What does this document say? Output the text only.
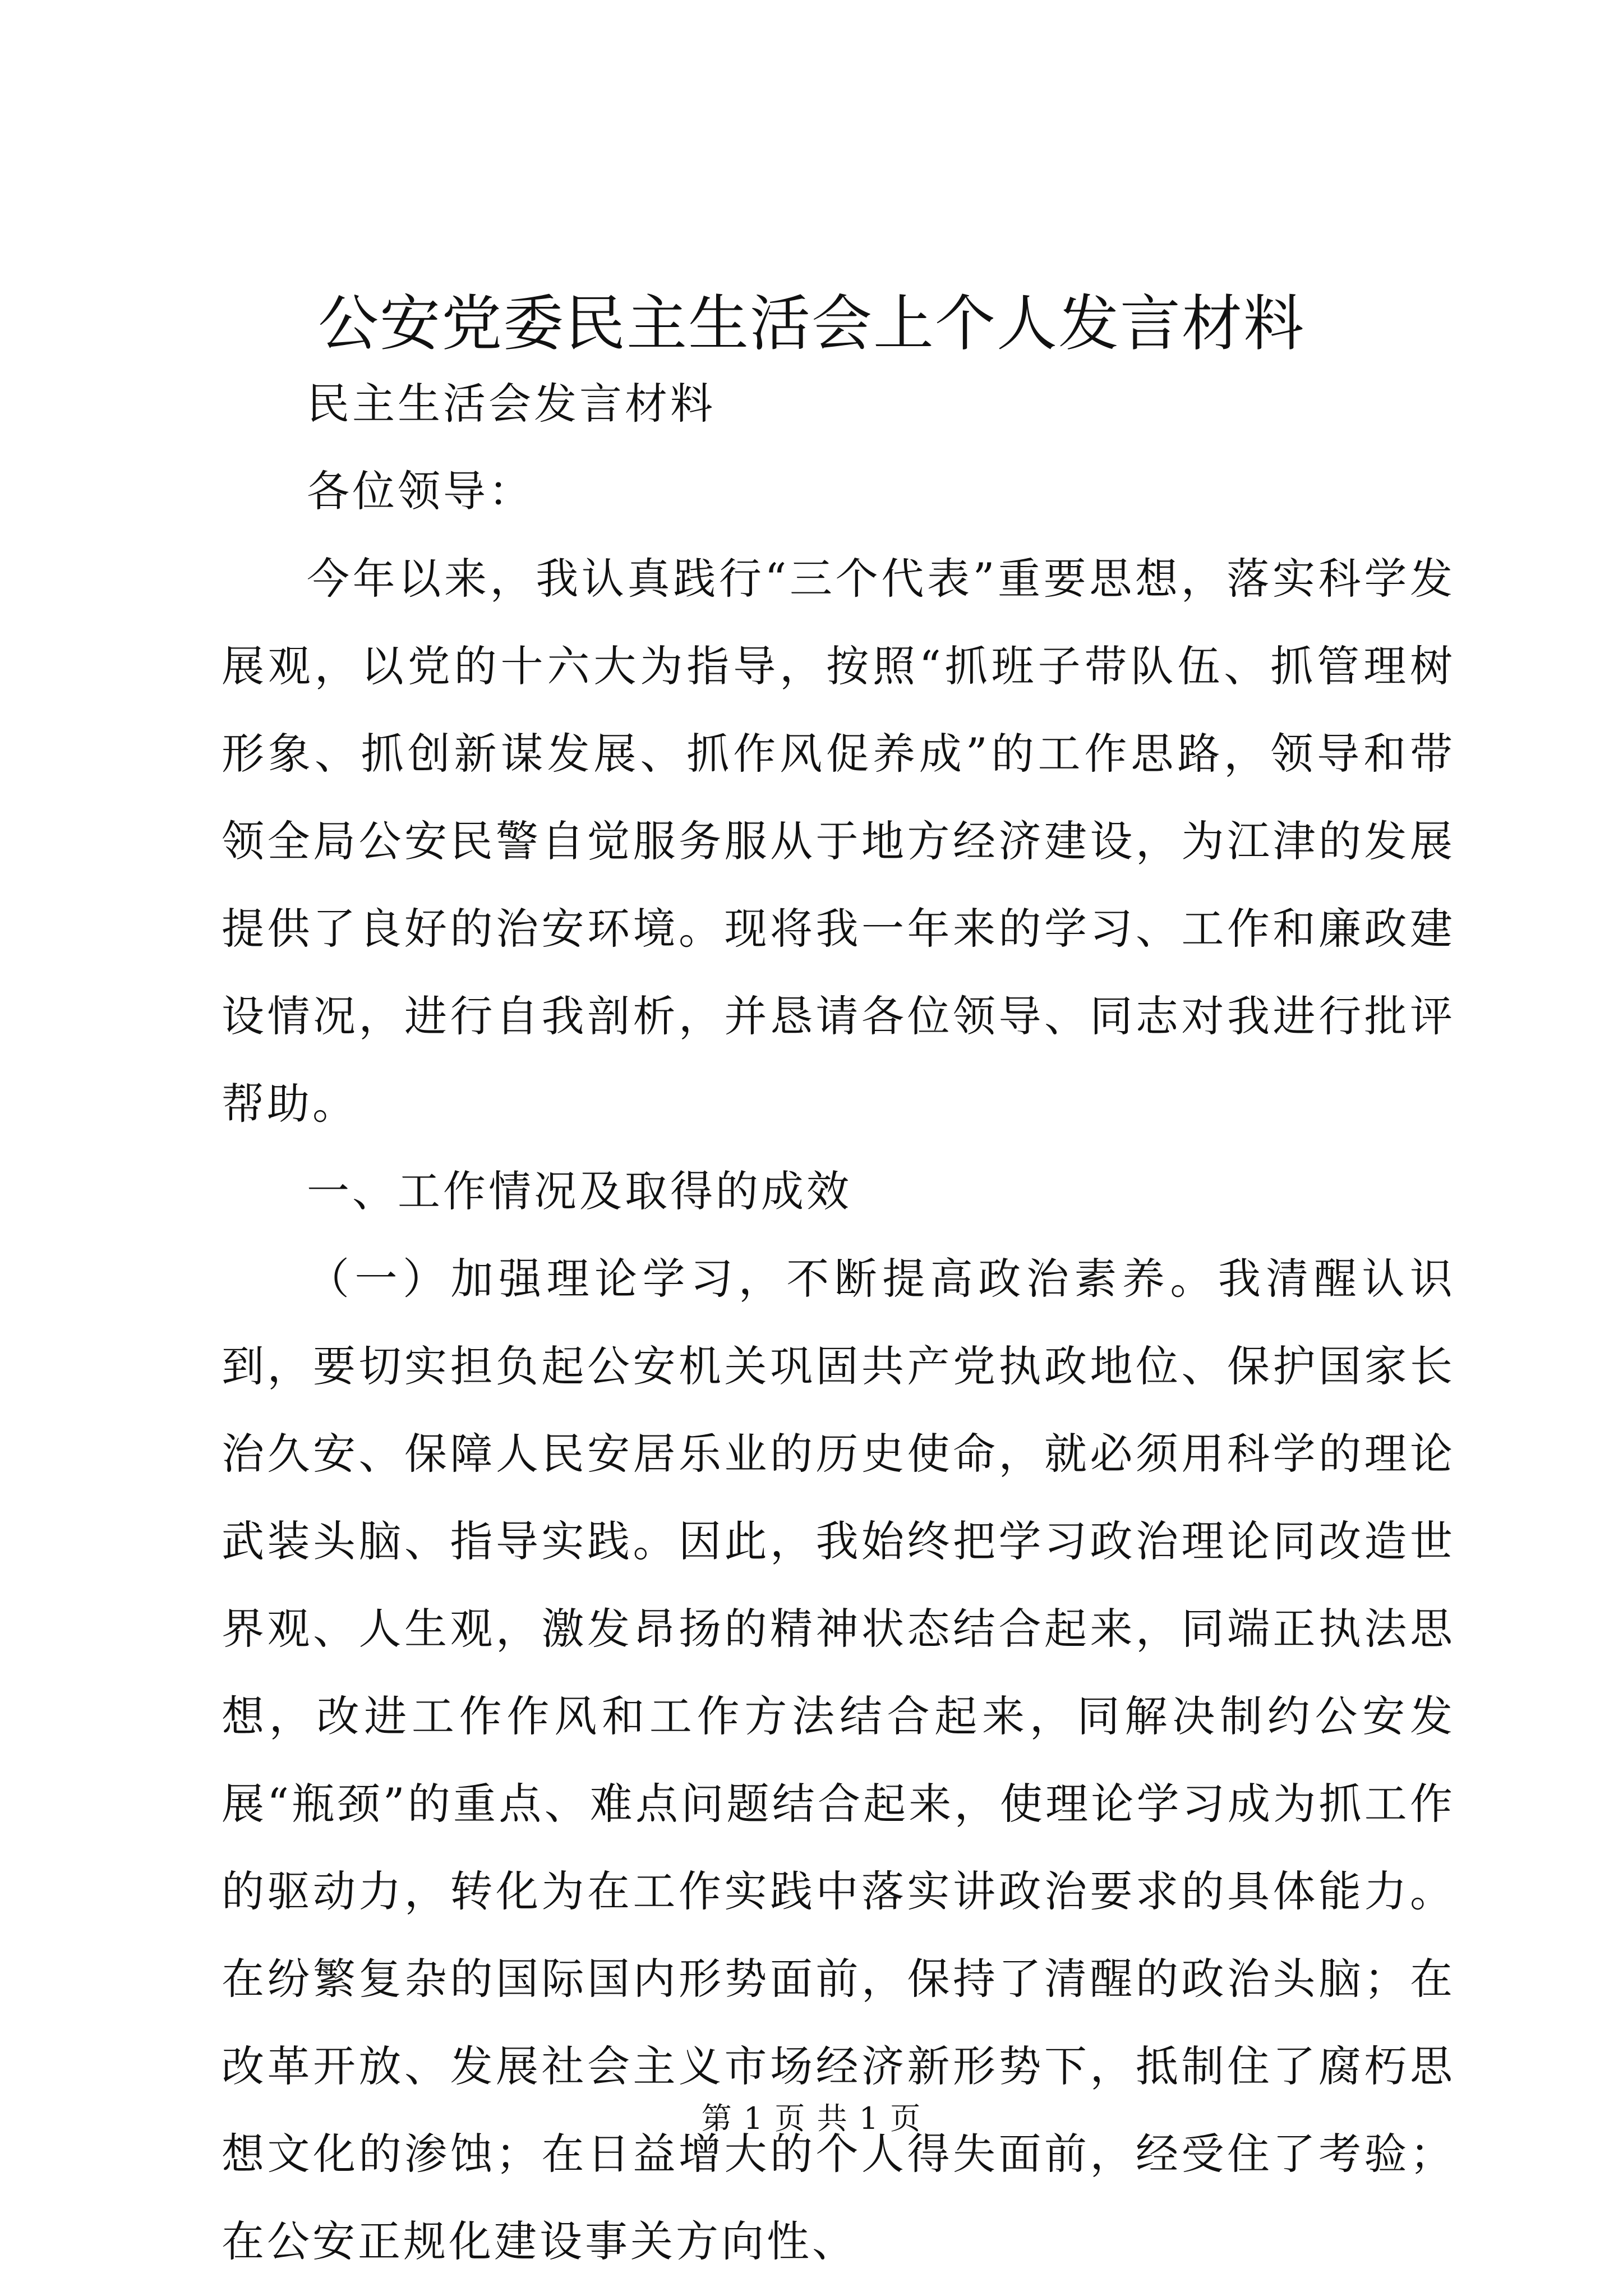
公安党委民主生活会上个人发言材料

民主生活会发言材料

各位领导：

今年以来，我认真践行“三个代表”重要思想，落实科学发展观，以党的十六大为指导，按照“抓班子带队伍、抓管理树形象、抓创新谋发展、抓作风促养成”的工作思路，领导和带领全局公安民警自觉服务服从于地方经济建设，为江津的发展提供了良好的治安环境。现将我一年来的学习、工作和廉政建设情况，进行自我剖析，并恳请各位领导、同志对我进行批评帮助。

一、工作情况及取得的成效

（一）加强理论学习，不断提高政治素养。我清醒认识到，要切实担负起公安机关巩固共产党执政地位、保护国家长治久安、保障人民安居乐业的历史使命，就必须用科学的理论武装头脑、指导实践。因此，我始终把学习政治理论同改造世界观、人生观，激发昂扬的精神状态结合起来，同端正执法思想，改进工作作风和工作方法结合起来，同解决制约公安发展“瓶颈”的重点、难点问题结合起来，使理论学习成为抓工作的驱动力，转化为在工作实践中落实讲政治要求的具体能力。在纷繁复杂的国际国内形势面前，保持了清醒的政治头脑；在改革开放、发展社会主义市场经济新形势下，抵制住了腐朽思想文化的渗蚀；在日益增大的个人得失面前，经受住了考验；在公安正规化建设事关方向性、

第 1 页 共 1 页
